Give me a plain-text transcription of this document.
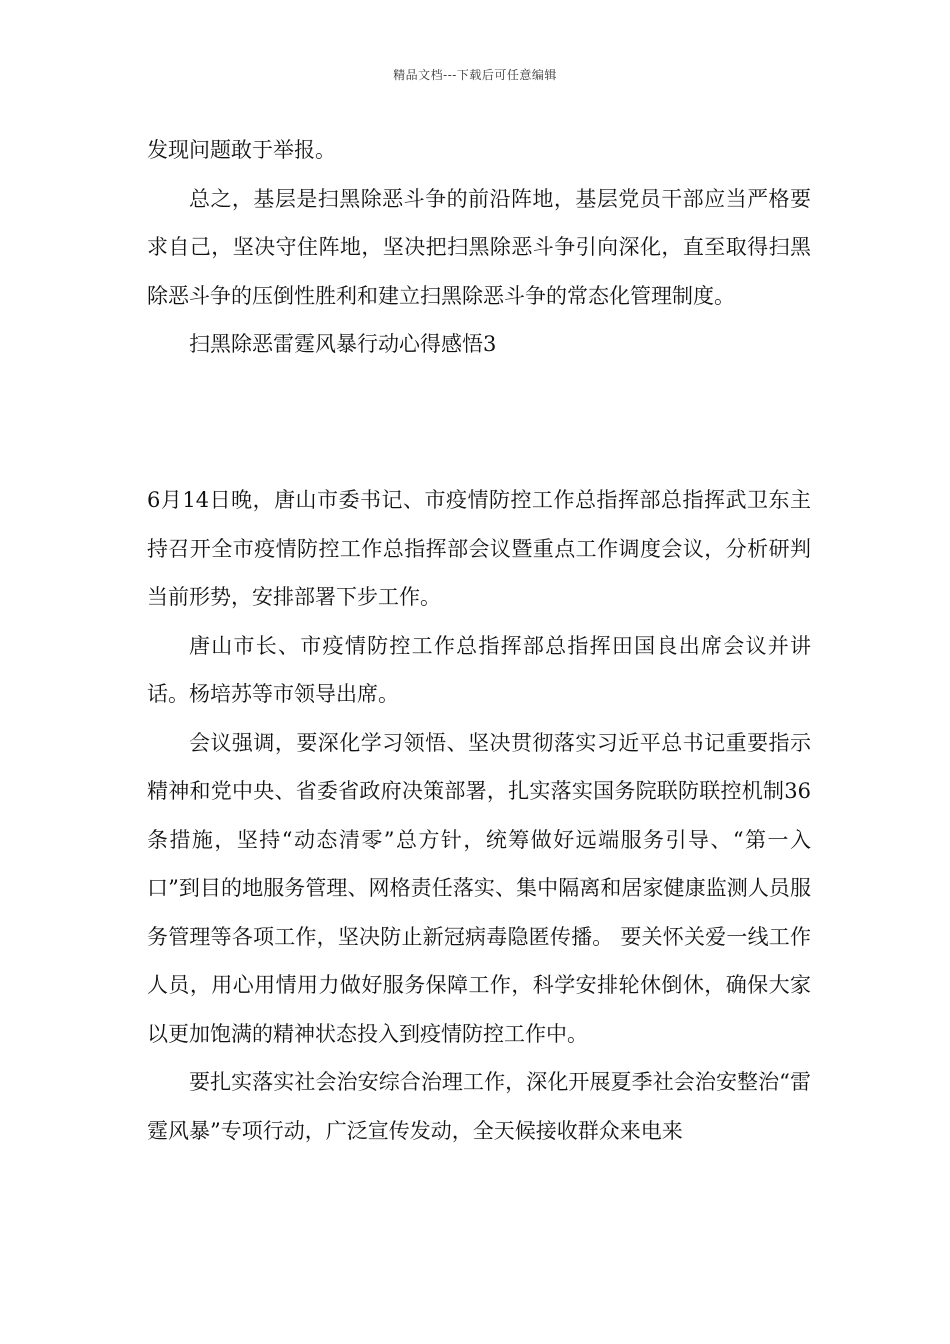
精品文档---下载后可任意编辑

发现问题敢于举报。

总之，基层是扫黑除恶斗争的前沿阵地，基层党员干部应当严格要求自己，坚决守住阵地，坚决把扫黑除恶斗争引向深化，直至取得扫黑除恶斗争的压倒性胜利和建立扫黑除恶斗争的常态化管理制度。

扫黑除恶雷霆风暴行动心得感悟3

6月14日晚，唐山市委书记、市疫情防控工作总指挥部总指挥武卫东主持召开全市疫情防控工作总指挥部会议暨重点工作调度会议，分析研判当前形势，安排部署下步工作。

唐山市长、市疫情防控工作总指挥部总指挥田国良出席会议并讲话。杨培苏等市领导出席。

会议强调，要深化学习领悟、坚决贯彻落实习近平总书记重要指示精神和党中央、省委省政府决策部署，扎实落实国务院联防联控机制36条措施，坚持“动态清零”总方针，统筹做好远端服务引导、“第一入口”到目的地服务管理、网格责任落实、集中隔离和居家健康监测人员服务管理等各项工作，坚决防止新冠病毒隐匿传播。 要关怀关爱一线工作人员，用心用情用力做好服务保障工作，科学安排轮休倒休，确保大家以更加饱满的精神状态投入到疫情防控工作中。

要扎实落实社会治安综合治理工作，深化开展夏季社会治安整治“雷霆风暴”专项行动，广泛宣传发动，全天候接收群众来电来
